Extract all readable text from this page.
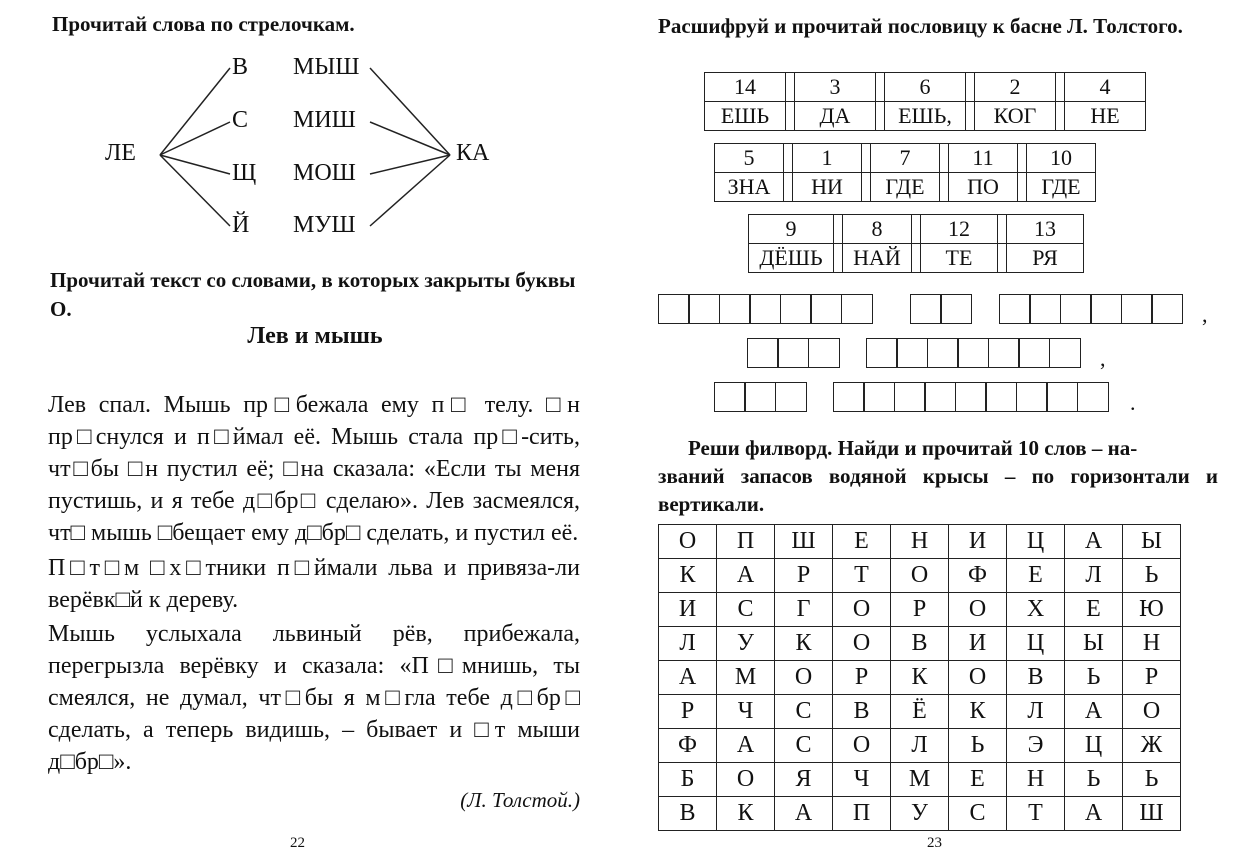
Прочитай слова по стрелочкам.
ЛЕ
В
С
Щ
Й
МЫШ
МИШ
МОШ
МУШ
КА
Прочитай текст со словами, в которых закрыты буквы О.
Лев и мышь
Лев спал. Мышь пр□бежала ему п□ телу. □н пр□снулся и п□ймал её. Мышь стала пр□-сить, чт□бы □н пустил её; □на сказала: «Если ты меня пустишь, и я тебе д□бр□ сделаю». Лев засмеялся, чт□ мышь □бещает ему д□бр□ сделать, и пустил её.
П□т□м □х□тники п□ймали льва и привяза-ли верёвк□й к дереву.
Мышь услыхала львиный рёв, прибежала, перегрызла верёвку и сказала: «П□мнишь, ты смеялся, не думал, чт□бы я м□гла тебе д□бр□ сделать, а теперь видишь, – бывает и □т мыши д□бр□».
(Л. Толстой.)
22
Расшифруй и прочитай пословицу к басне Л. Толстого.
14		3		6		2		4
ЕШЬ		ДА		ЕШЬ,		КОГ		НЕ
5		1		7		11		10
ЗНА		НИ		ГДЕ		ПО		ГДЕ
9		8		12		13
ДЁШЬ		НАЙ		ТЕ		РЯ
,
,
.
Реши филворд. Найди и прочитай 10 слов – на-
званий запасов водяной крысы – по горизонтали и вертикали.
О	П	Ш	Е	Н	И	Ц	А	Ы
К	А	Р	Т	О	Ф	Е	Л	Ь
И	С	Г	О	Р	О	Х	Е	Ю
Л	У	К	О	В	И	Ц	Ы	Н
А	М	О	Р	К	О	В	Ь	Р
Р	Ч	С	В	Ё	К	Л	А	О
Ф	А	С	О	Л	Ь	Э	Ц	Ж
Б	О	Я	Ч	М	Е	Н	Ь	Ь
В	К	А	П	У	С	Т	А	Ш
23
